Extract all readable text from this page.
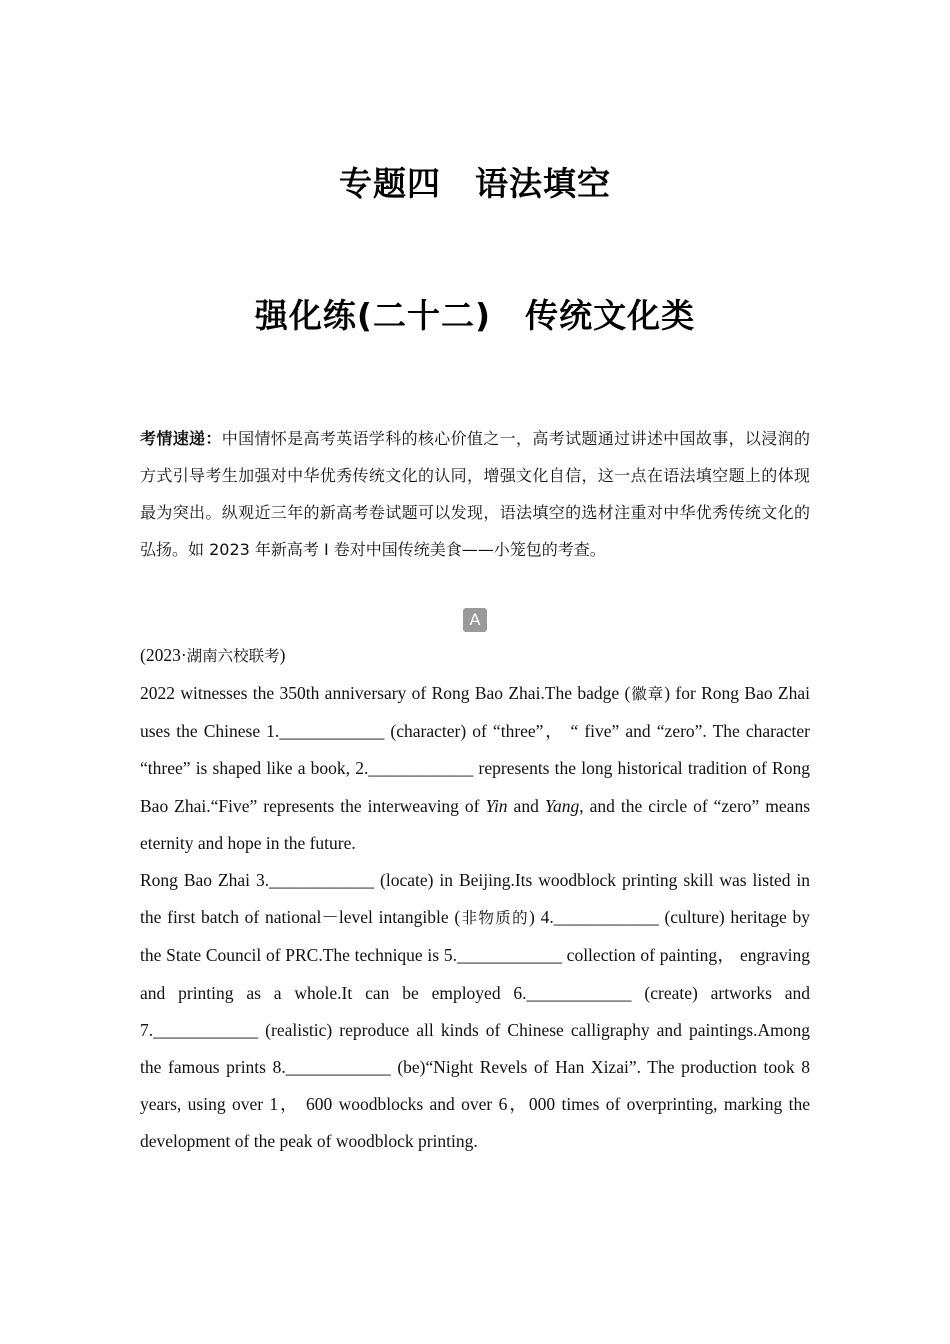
专题四　语法填空
强化练(二十二)　传统文化类
考情速递：中国情怀是高考英语学科的核心价值之一，高考试题通过讲述中国故事，以浸润的方式引导考生加强对中华优秀传统文化的认同，增强文化自信，这一点在语法填空题上的体现最为突出。纵观近三年的新高考卷试题可以发现，语法填空的选材注重对中华优秀传统文化的弘扬。如 2023 年新高考 I 卷对中国传统美食——小笼包的考查。
A
(2023·湖南六校联考)

2022 witnesses the 350th anniversary of Rong Bao Zhai.The badge (徽章) for Rong Bao Zhai uses the Chinese 1.____________ (character) of “three”， “ five” and “zero”. The character “three” is shaped like a book, 2.____________ represents the long historical tradition of Rong Bao Zhai.“Five” represents the interweaving of Yin and Yang, and the circle of “zero” means eternity and hope in the future.

Rong Bao Zhai 3.____________ (locate) in Beijing.Its woodblock printing skill was listed in the first batch of national－level intangible (非物质的) 4.____________ (culture) heritage by the State Council of PRC.The technique is 5.____________ collection of painting， engraving and printing as a whole.It can be employed 6.____________ (create) artworks and 7.____________ (realistic) reproduce all kinds of Chinese calligraphy and paintings.Among the famous prints 8.____________ (be)“Night Revels of Han Xizai”. The production took 8 years, using over 1， 600 woodblocks and over 6，000 times of overprinting, marking the development of the peak of woodblock printing.
